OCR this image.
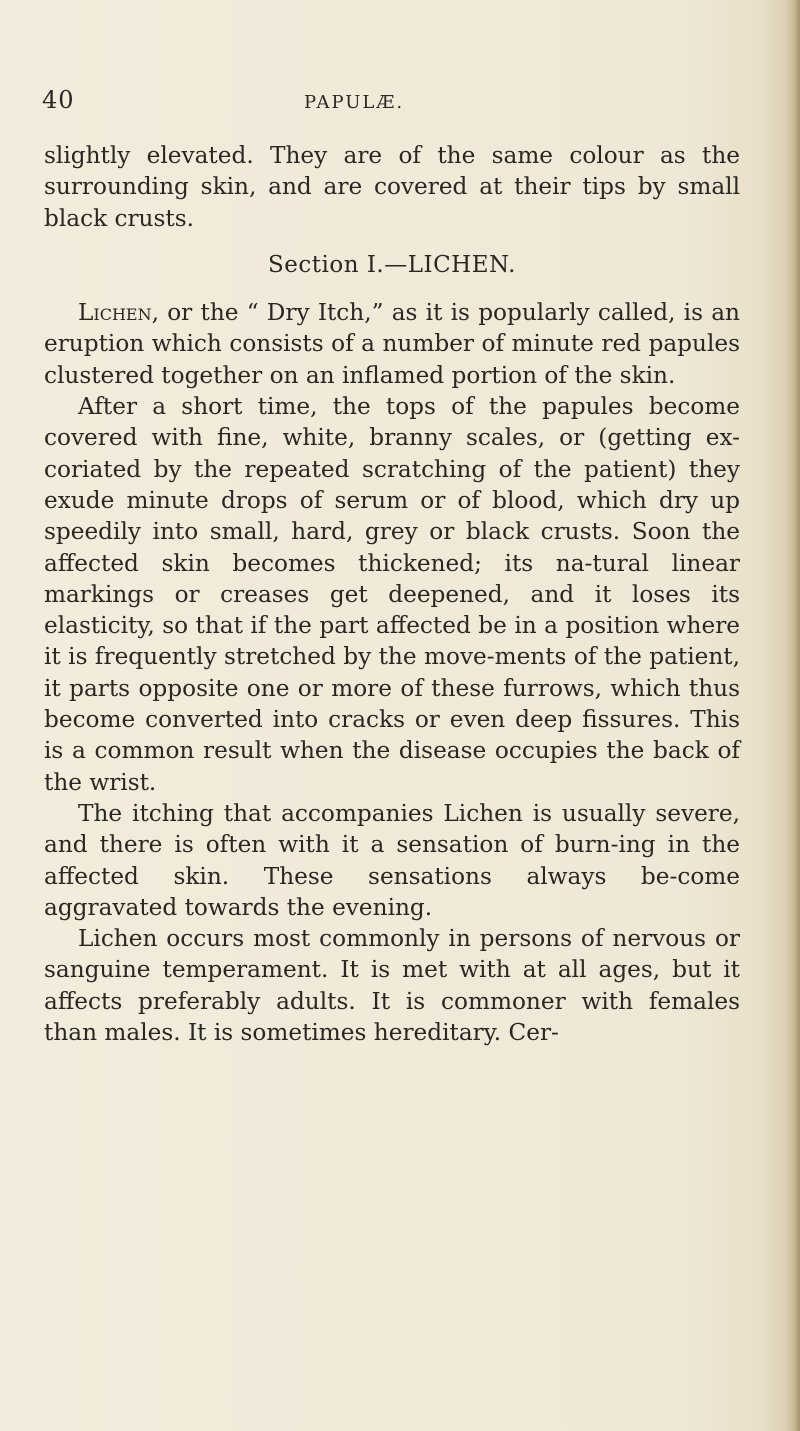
40	PAPULÆ.

slightly elevated. They are of the same colour as the surrounding skin, and are covered at their tips by small black crusts.

Section I.—LICHEN.

Lichen, or the “ Dry Itch,” as it is popularly called, is an eruption which consists of a number of minute red papules clustered together on an inflamed portion of the skin.

After a short time, the tops of the papules become covered with fine, white, branny scales, or (getting ex-coriated by the repeated scratching of the patient) they exude minute drops of serum or of blood, which dry up speedily into small, hard, grey or black crusts. Soon the affected skin becomes thickened; its na-tural linear markings or creases get deepened, and it loses its elasticity, so that if the part affected be in a position where it is frequently stretched by the move-ments of the patient, it parts opposite one or more of these furrows, which thus become converted into cracks or even deep fissures. This is a common result when the disease occupies the back of the wrist.

The itching that accompanies Lichen is usually severe, and there is often with it a sensation of burn-ing in the affected skin. These sensations always be-come aggravated towards the evening.

Lichen occurs most commonly in persons of nervous or sanguine temperament. It is met with at all ages, but it affects preferably adults. It is commoner with females than males. It is sometimes hereditary. Cer-
